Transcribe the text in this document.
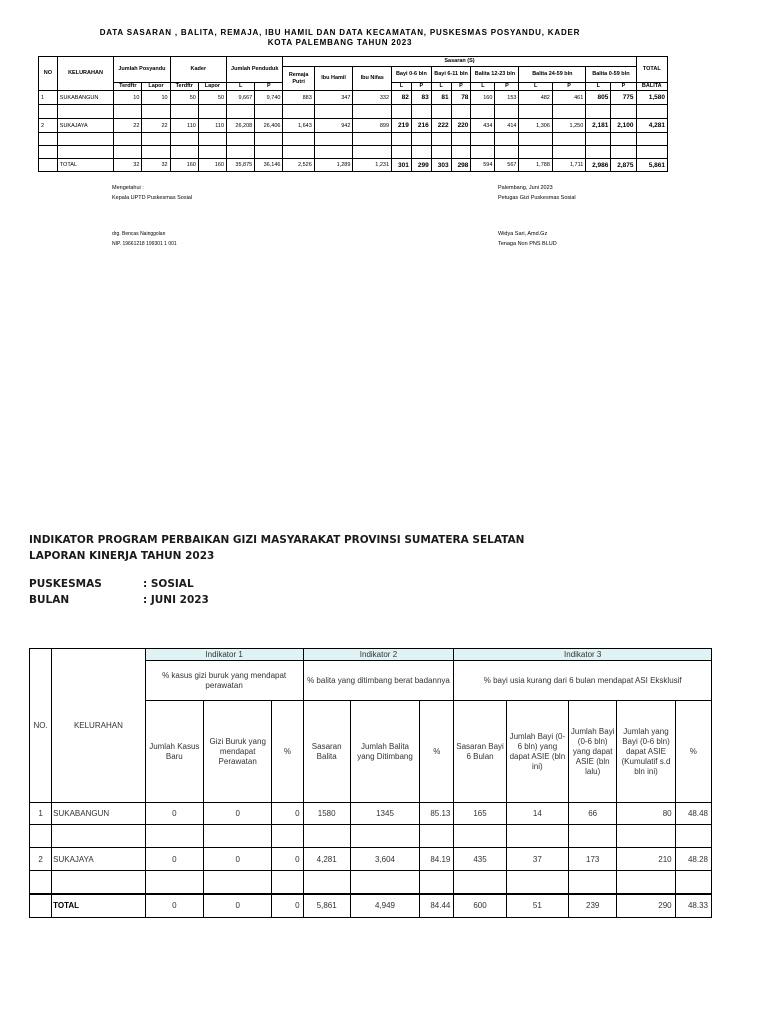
DATA SASARAN , BALITA, REMAJA, IBU HAMIL DAN DATA KECAMATAN, PUSKESMAS POSYANDU, KADER
KOTA PALEMBANG TAHUN 2023
NO	KELURAHAN	Jumlah Posyandu		Kader		Jumlah Penduduk		Sasaran (S)													TOTAL
								Remaja Putri	Ibu Hamil	Ibu Nifas	Bayi 0-6 bln		Bayi 6-11 bln		Balita 12-23 bln		Balita 24-59 bln		Balita 0-59 bln		
		Terdftr	Lapor	Terdftr	Lapor	L	P				L	P	L	P	L	P	L	P	L	P	BALITA
1	SUKABANGUN	10	10	50	50	9,667	9,740	883	347	332	82	83	81	78	160	153	482	461	805	775	1,580

2	SUKAJAYA	22	22	110	110	26,208	26,406	1,643	942	899	219	216	222	220	434	414	1,306	1,250	2,181	2,100	4,281

	TOTAL	32	32	160	160	35,875	36,146	2,526	1,289	1,231	301	299	303	298	594	567	1,788	1,711	2,986	2,875	5,861
Mengetahui :
Kepala UPTD Puskesmas Sosial
drg. Bencas Nainggolan
NIP. 19661218 199301 1 001
Palembang, Juni 2023
Petugas Gizi Puskesmas Sosial
Widya Sari, Amd.Gz
Tenaga Non PNS BLUD
INDIKATOR PROGRAM PERBAIKAN GIZI MASYARAKAT PROVINSI SUMATERA SELATAN
LAPORAN KINERJA TAHUN 2023
PUSKESMAS	: SOSIAL
BULAN	: JUNI 2023
NO.	KELURAHAN	Indikator 1			Indikator 2			Indikator 3				
		% kasus gizi buruk yang mendapat perawatan			% balita yang ditimbang berat badannya			% bayi usia kurang dari 6 bulan mendapat ASI Eksklusif				
		Jumlah Kasus Baru	Gizi Buruk yang mendapat Perawatan	%	Sasaran Balita	Jumlah Balita yang Ditimbang	%	Sasaran Bayi 6 Bulan	Jumlah Bayi (0-6 bln) yang dapat ASIE (bln ini)	Jumlah Bayi (0-6 bln) yang dapat ASIE (bln lalu)	Jumlah yang Bayi (0-6 bln) dapat ASIE (Kumulatif s.d bln ini)	%
1	SUKABANGUN	0	0	0	1580	1345	85.13	165	14	66	80	48.48

2	SUKAJAYA	0	0	0	4,281	3,604	84.19	435	37	173	210	48.28

	TOTAL	0	0	0	5,861	4,949	84.44	600	51	239	290	48.33
